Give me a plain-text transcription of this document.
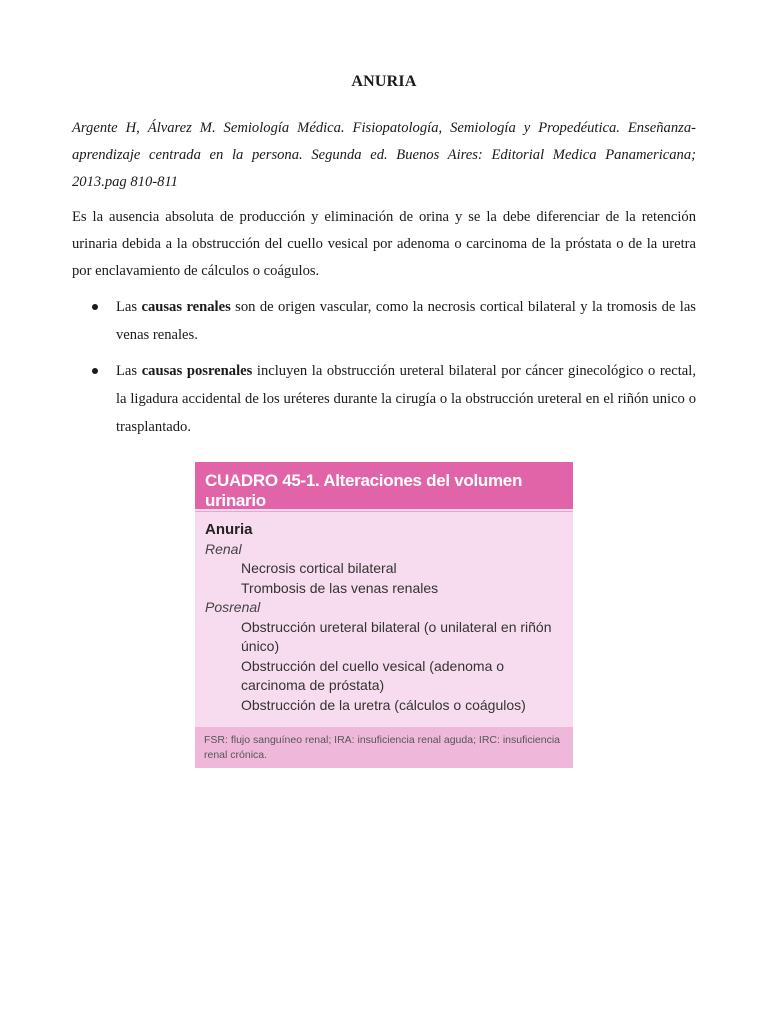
ANURIA
Argente H, Álvarez M. Semiología Médica. Fisiopatología, Semiología y Propedéutica. Enseñanza-aprendizaje centrada en la persona. Segunda ed. Buenos Aires: Editorial Medica Panamericana; 2013.pag 810-811
Es la ausencia absoluta de producción y eliminación de orina y se la debe diferenciar de la retención urinaria debida a la obstrucción del cuello vesical por adenoma o carcinoma de la próstata o de la uretra por enclavamiento de cálculos o coágulos.
Las causas renales son de origen vascular, como la necrosis cortical bilateral y la tromosis de las venas renales.
Las causas posrenales incluyen la obstrucción ureteral bilateral por cáncer ginecológico o rectal, la ligadura accidental de los uréteres durante la cirugía o la obstrucción ureteral en el riñón unico o trasplantado.
CUADRO 45-1. Alteraciones del volumen urinario
Anuria
Renal
Necrosis cortical bilateral
Trombosis de las venas renales
Posrenal
Obstrucción ureteral bilateral (o unilateral en riñón único)
Obstrucción del cuello vesical (adenoma o carcinoma de próstata)
Obstrucción de la uretra (cálculos o coágulos)
FSR: flujo sanguíneo renal; IRA: insuficiencia renal aguda; IRC: insuficiencia renal crónica.
